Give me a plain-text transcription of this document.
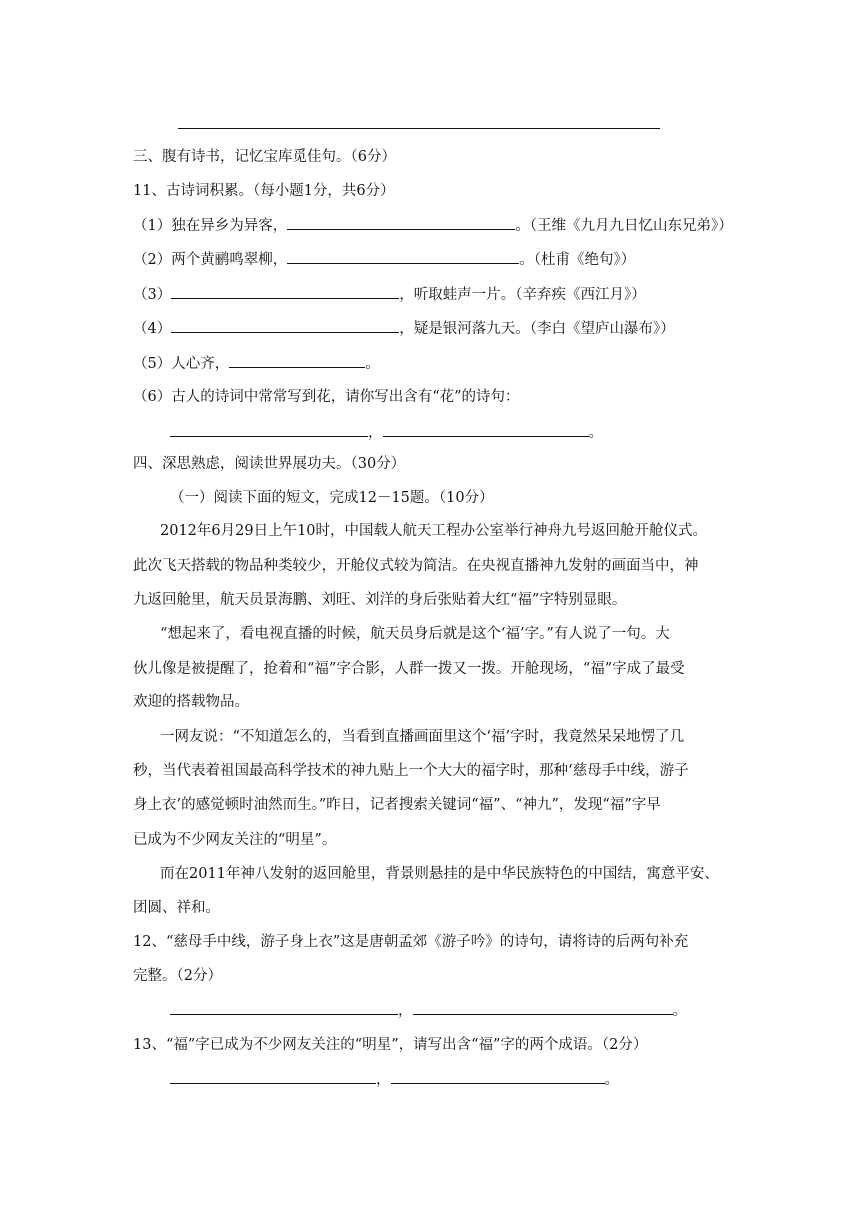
三、腹有诗书，记忆宝库觅佳句。（6分）
11、古诗词积累。（每小题1分，共6分）
（1）独在异乡为异客，	。（王维《九月九日忆山东兄弟》）
（2）两个黄鹂鸣翠柳，	。（杜甫《绝句》）
（3）	，听取蛙声一片。（辛弃疾《西江月》）
（4）	，疑是银河落九天。（李白《望庐山瀑布》）
（5）人心齐，	。
（6）古人的诗词中常常写到花，请你写出含有“花”的诗句：
，	。
四、深思熟虑，阅读世界展功夫。（30分）
（一）阅读下面的短文，完成12－15题。（10分）
2012年6月29日上午10时，中国载人航天工程办公室举行神舟九号返回舱开舱仪式。
此次飞天搭载的物品种类较少，开舱仪式较为简洁。在央视直播神九发射的画面当中，神
九返回舱里，航天员景海鹏、刘旺、刘洋的身后张贴着大红“福”字特别显眼。
“想起来了，看电视直播的时候，航天员身后就是这个‘福’字。”有人说了一句。大
伙儿像是被提醒了，抢着和“福”字合影，人群一拨又一拨。开舱现场，“福”字成了最受
欢迎的搭载物品。
一网友说：“不知道怎么的，当看到直播画面里这个‘福’字时，我竟然呆呆地愣了几
秒，当代表着祖国最高科学技术的神九贴上一个大大的福字时，那种‘慈母手中线，游子
身上衣’的感觉顿时油然而生。”昨日，记者搜索关键词“福”、“神九”，发现“福”字早
已成为不少网友关注的“明星”。
而在2011年神八发射的返回舱里，背景则悬挂的是中华民族特色的中国结，寓意平安、
团圆、祥和。
12、“慈母手中线，游子身上衣”这是唐朝孟郊《游子吟》的诗句，请将诗的后两句补充
完整。（2分）
，	。
13、“福”字已成为不少网友关注的“明星”，请写出含“福”字的两个成语。（2分）
，	。
